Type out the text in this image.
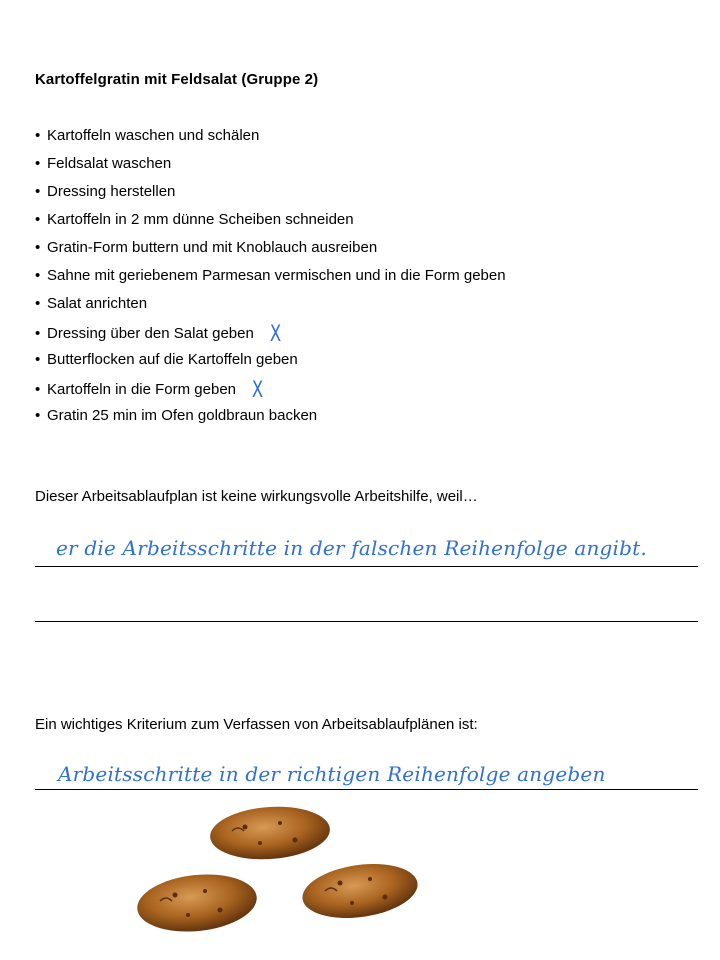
Kartoffelgratin mit Feldsalat (Gruppe 2)
• Kartoffeln waschen und schälen
• Feldsalat waschen
• Dressing herstellen
• Kartoffeln in 2 mm dünne Scheiben schneiden
• Gratin-Form buttern und mit Knoblauch ausreiben
• Sahne mit geriebenem Parmesan vermischen und in die Form geben
• Salat anrichten
• Dressing über den Salat geben X
• Butterflocken auf die Kartoffeln geben
• Kartoffeln in die Form geben X
• Gratin 25 min im Ofen goldbraun backen
Dieser Arbeitsablaufplan ist keine wirkungsvolle Arbeitshilfe, weil…
er die Arbeitsschritte in der falschen Reihenfolge angibt.
Ein wichtiges Kriterium zum Verfassen von Arbeitsablaufplänen ist:
Arbeitsschritte in der richtigen Reihenfolge angeben
